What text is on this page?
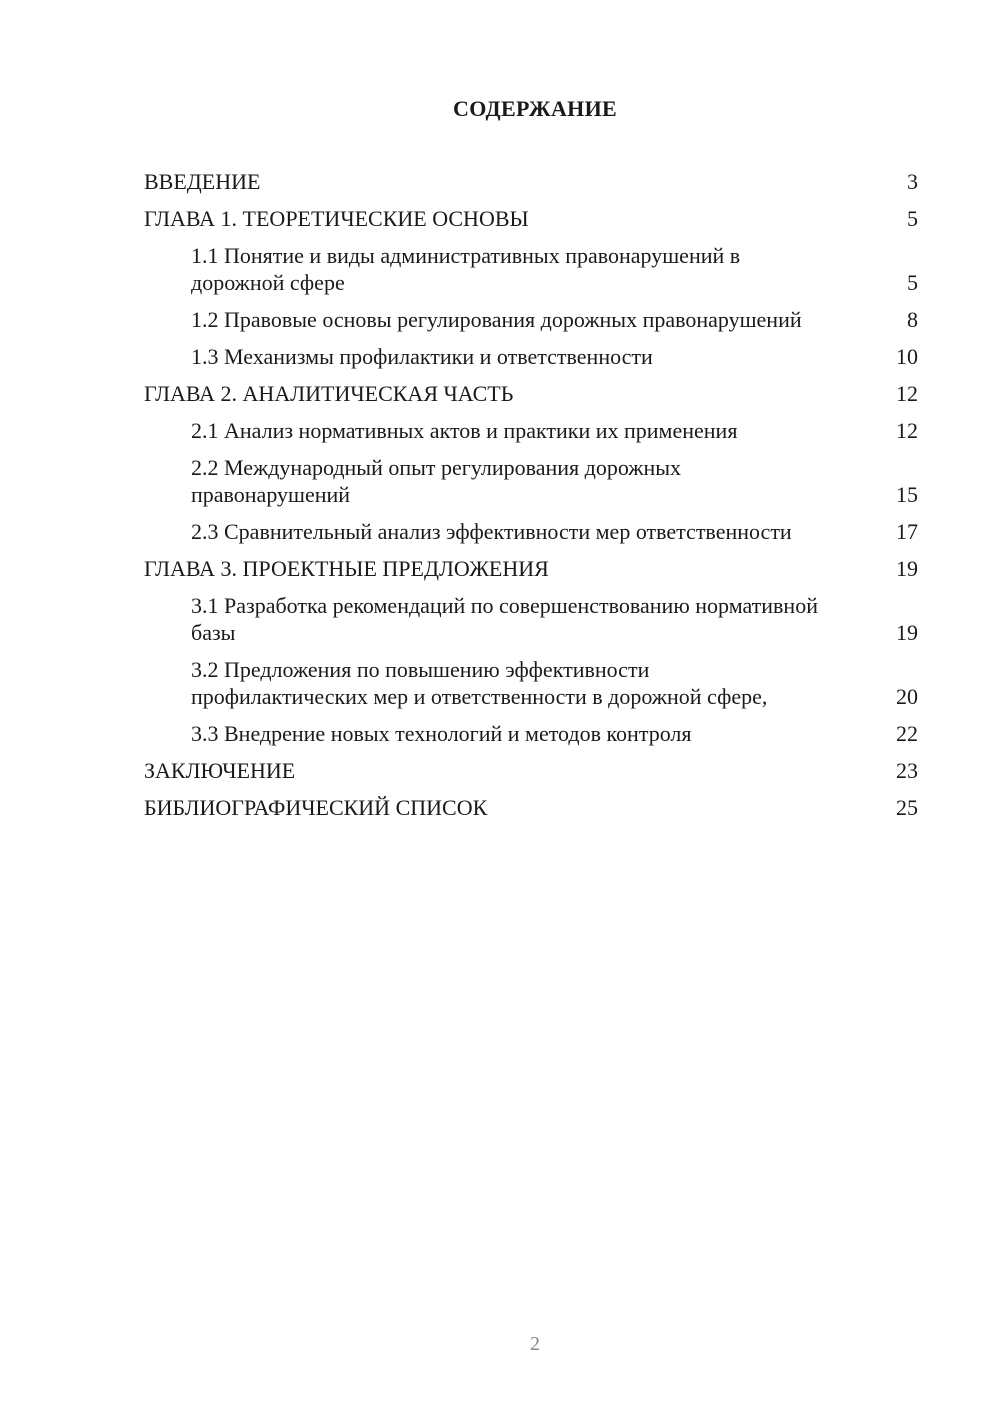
СОДЕРЖАНИЕ
ВВЕДЕНИЕ	3
ГЛАВА 1. ТЕОРЕТИЧЕСКИЕ ОСНОВЫ	5
1.1 Понятие и виды административных правонарушений в дорожной сфере	5
1.2 Правовые основы регулирования дорожных правонарушений	8
1.3 Механизмы профилактики и ответственности	10
ГЛАВА 2. АНАЛИТИЧЕСКАЯ ЧАСТЬ	12
2.1 Анализ нормативных актов и практики их применения	12
2.2 Международный опыт регулирования дорожных правонарушений	15
2.3 Сравнительный анализ эффективности мер ответственности	17
ГЛАВА 3. ПРОЕКТНЫЕ ПРЕДЛОЖЕНИЯ	19
3.1 Разработка рекомендаций по совершенствованию нормативной базы	19
3.2 Предложения по повышению эффективности профилактических мер и ответственности в дорожной сфере,	20
3.3 Внедрение новых технологий и методов контроля	22
ЗАКЛЮЧЕНИЕ	23
БИБЛИОГРАФИЧЕСКИЙ СПИСОК	25
2
